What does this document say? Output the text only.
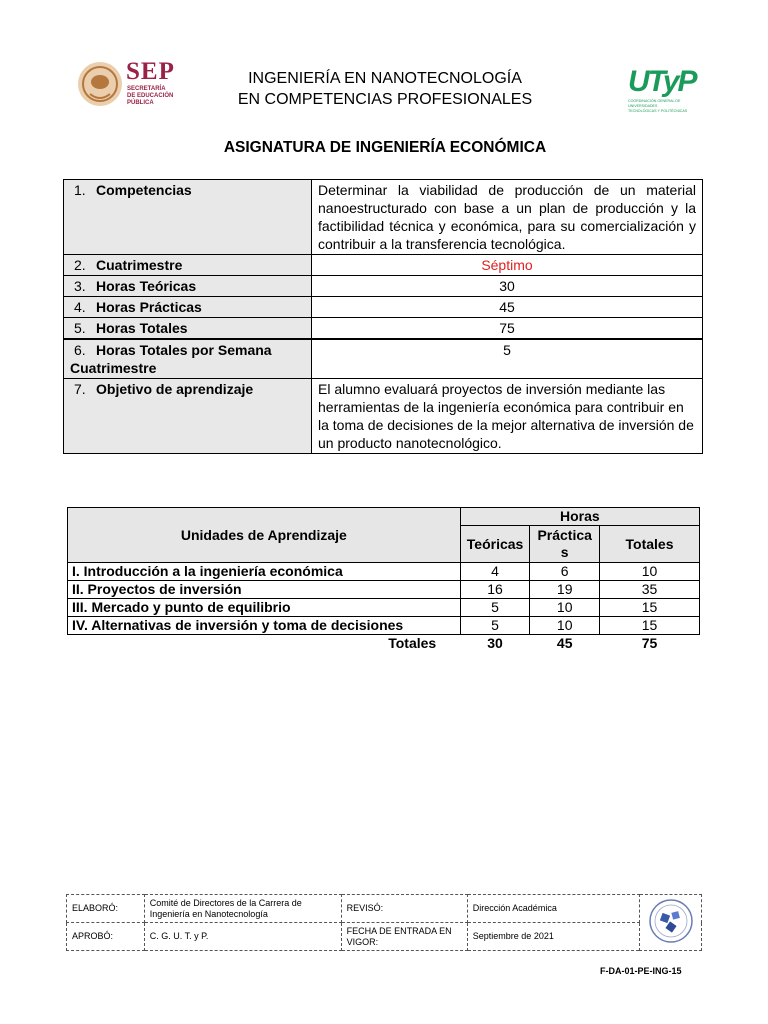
SEP
SECRETARÍA
DE EDUCACIÓN
PÚBLICA
UTyP
COORDINACIÓN GENERAL DE UNIVERSIDADES
TECNOLÓGICAS Y POLITÉCNICAS
INGENIERÍA EN NANOTECNOLOGÍA
EN COMPETENCIAS PROFESIONALES
ASIGNATURA DE INGENIERÍA ECONÓMICA
1. Competencias	Determinar la viabilidad de producción de un material nanoestructurado con base a un plan de producción y la factibilidad técnica y económica, para su comercialización y contribuir a la transferencia tecnológica.
2. Cuatrimestre	Séptimo
3. Horas Teóricas	30
4. Horas Prácticas	45
5. Horas Totales	75
6. Horas Totales por Semana Cuatrimestre	5
7. Objetivo de aprendizaje	El alumno evaluará proyectos de inversión mediante las herramientas de la ingeniería económica para contribuir en la toma de decisiones de la mejor alternativa de inversión de un producto nanotecnológico.
Unidades de Aprendizaje	Horas		
	Teóricas	Práctica s	Totales
I. Introducción a la ingeniería económica	4	6	10
II. Proyectos de inversión	16	19	35
III. Mercado y punto de equilibrio	5	10	15
IV. Alternativas de inversión y toma de decisiones	5	10	15
Totales	30	45	75
ELABORÓ:	Comité de Directores de la Carrera de Ingeniería en Nanotecnología	REVISÓ:	Dirección Académica	
APROBÓ:	C. G. U. T. y P.	FECHA DE ENTRADA EN VIGOR:	Septiembre de 2021	
F-DA-01-PE-ING-15
